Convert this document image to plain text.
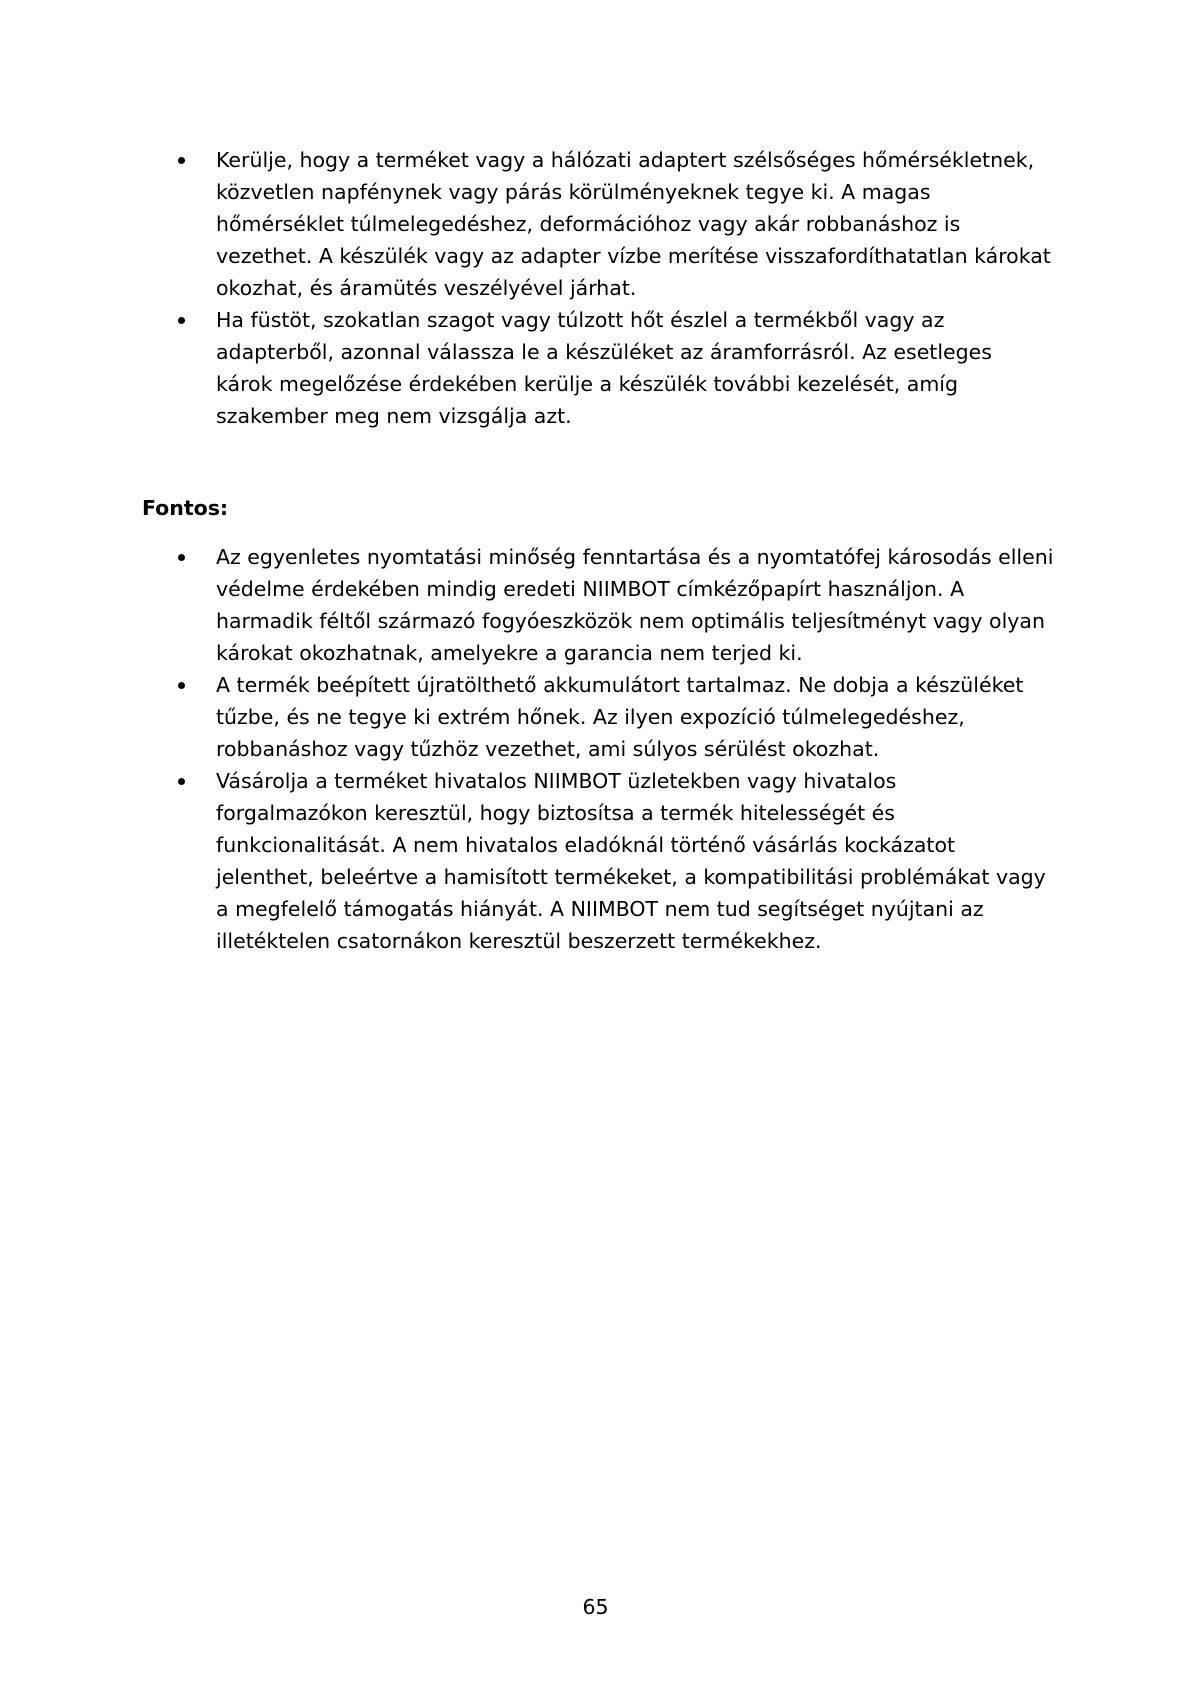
Kerülje, hogy a terméket vagy a hálózati adaptert szélsőséges hőmérsékletnek, közvetlen napfénynek vagy párás körülményeknek tegye ki. A magas hőmérséklet túlmelegedéshez, deformációhoz vagy akár robbanáshoz is vezethet. A készülék vagy az adapter vízbe merítése visszafordíthatatlan károkat okozhat, és áramütés veszélyével járhat.
Ha füstöt, szokatlan szagot vagy túlzott hőt észlel a termékből vagy az adapterből, azonnal válassza le a készüléket az áramforrásról. Az esetleges károk megelőzése érdekében kerülje a készülék további kezelését, amíg szakember meg nem vizsgálja azt.

Fontos:

Az egyenletes nyomtatási minőség fenntartása és a nyomtatófej károsodás elleni védelme érdekében mindig eredeti NIIMBOT címkézőpapírt használjon. A harmadik féltől származó fogyóeszközök nem optimális teljesítményt vagy olyan károkat okozhatnak, amelyekre a garancia nem terjed ki.
A termék beépített újratölthető akkumulátort tartalmaz. Ne dobja a készüléket tűzbe, és ne tegye ki extrém hőnek. Az ilyen expozíció túlmelegedéshez, robbanáshoz vagy tűzhöz vezethet, ami súlyos sérülést okozhat.
Vásárolja a terméket hivatalos NIIMBOT üzletekben vagy hivatalos forgalmazókon keresztül, hogy biztosítsa a termék hitelességét és funkcionalitását. A nem hivatalos eladóknál történő vásárlás kockázatot jelenthet, beleértve a hamisított termékeket, a kompatibilitási problémákat vagy a megfelelő támogatás hiányát. A NIIMBOT nem tud segítséget nyújtani az illetéktelen csatornákon keresztül beszerzett termékekhez.
65
